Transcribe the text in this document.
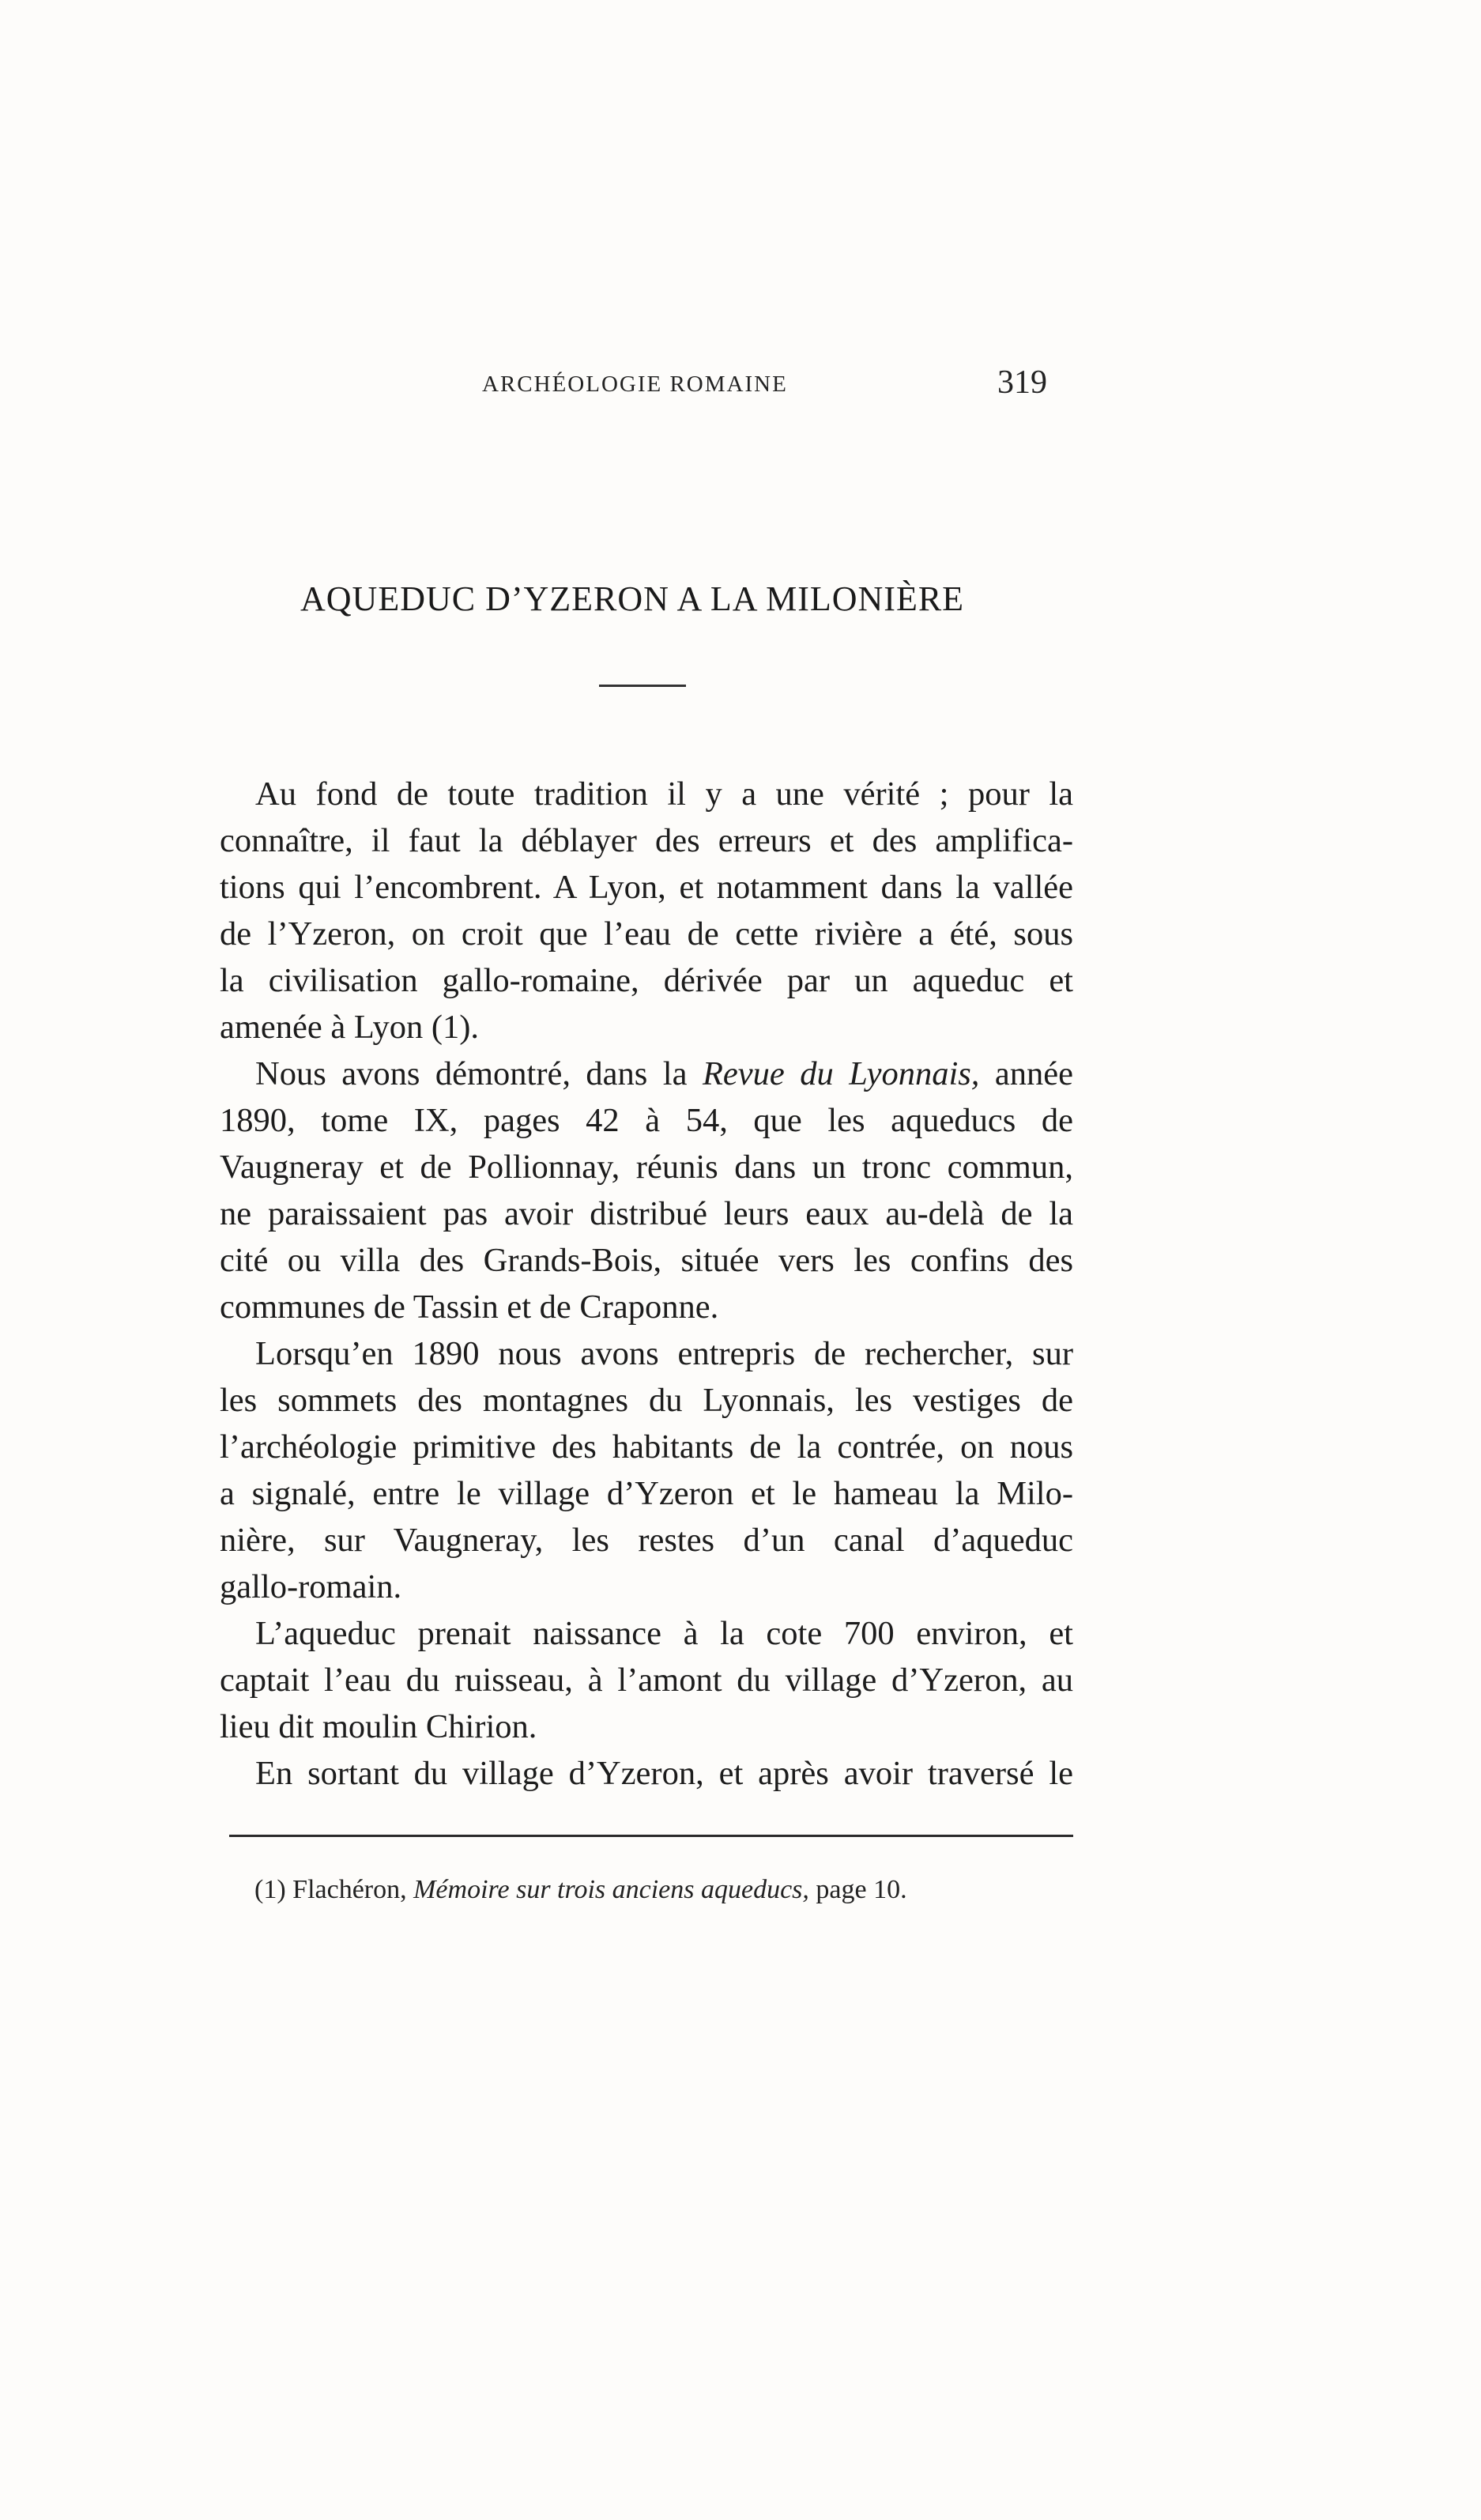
ARCHÉOLOGIE ROMAINE	319
AQUEDUC D’YZERON A LA MILONIÈRE
Au fond de toute tradition il y a une vérité ; pour la
connaître, il faut la déblayer des erreurs et des amplifica-
tions qui l’encombrent. A Lyon, et notamment dans la vallée
de l’Yzeron, on croit que l’eau de cette rivière a été, sous
la civilisation gallo-romaine, dérivée par un aqueduc et
amenée à Lyon (1).
Nous avons démontré, dans la Revue du Lyonnais, année
1890, tome IX, pages 42 à 54, que les aqueducs de
Vaugneray et de Pollionnay, réunis dans un tronc commun,
ne paraissaient pas avoir distribué leurs eaux au-delà de la
cité ou villa des Grands-Bois, située vers les confins des
communes de Tassin et de Craponne.
Lorsqu’en 1890 nous avons entrepris de rechercher, sur
les sommets des montagnes du Lyonnais, les vestiges de
l’archéologie primitive des habitants de la contrée, on nous
a signalé, entre le village d’Yzeron et le hameau la Milo-
nière, sur Vaugneray, les restes d’un canal d’aqueduc
gallo-romain.
L’aqueduc prenait naissance à la cote 700 environ, et
captait l’eau du ruisseau, à l’amont du village d’Yzeron, au
lieu dit moulin Chirion.
En sortant du village d’Yzeron, et après avoir traversé le
(1) Flachéron, Mémoire sur trois anciens aqueducs, page 10.
